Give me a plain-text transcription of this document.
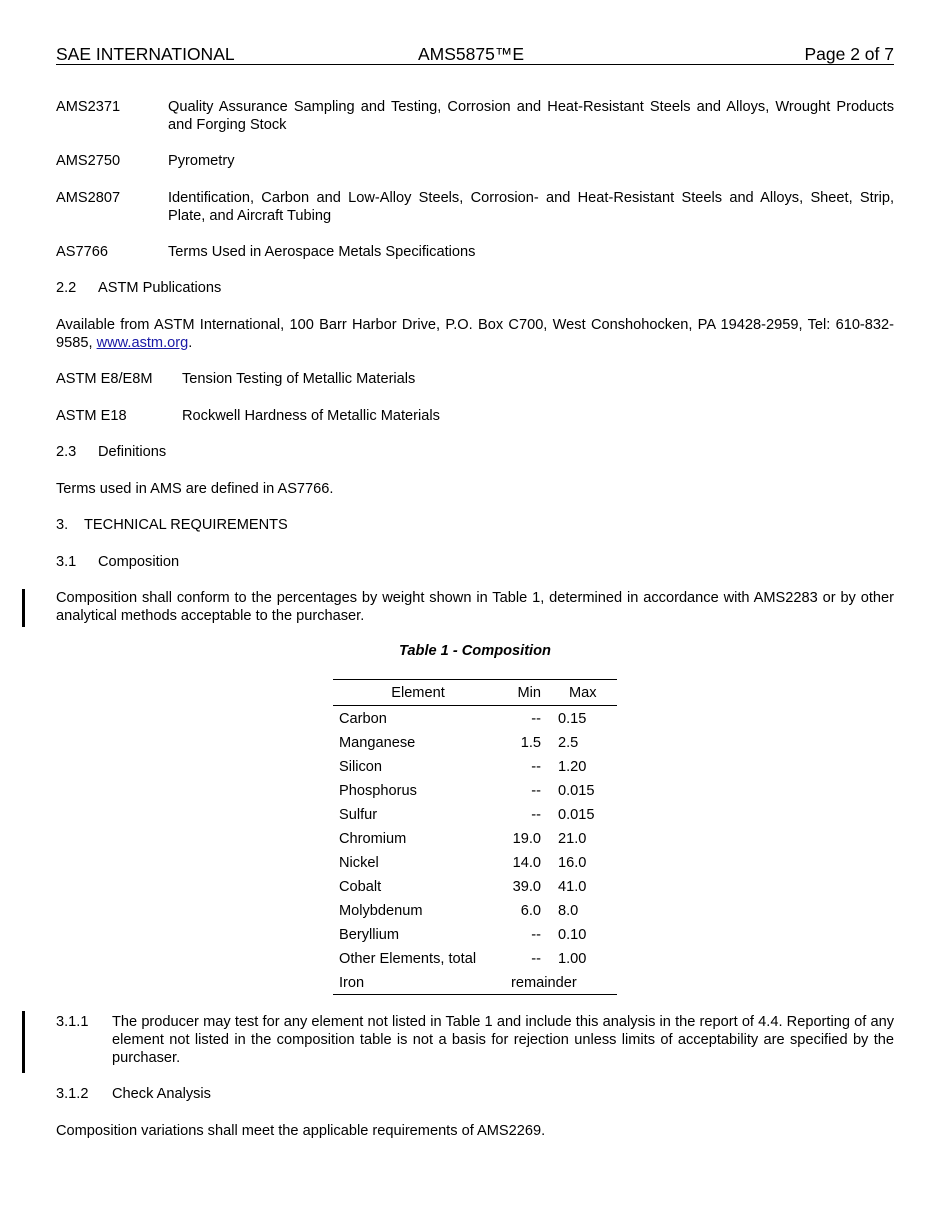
SAE INTERNATIONAL	AMS5875™E	Page 2 of 7
AMS2371	Quality Assurance Sampling and Testing, Corrosion and Heat-Resistant Steels and Alloys, Wrought Products and Forging Stock
AMS2750	Pyrometry
AMS2807	Identification, Carbon and Low-Alloy Steels, Corrosion- and Heat-Resistant Steels and Alloys, Sheet, Strip, Plate, and Aircraft Tubing
AS7766	Terms Used in Aerospace Metals Specifications
2.2 ASTM Publications
Available from ASTM International, 100 Barr Harbor Drive, P.O. Box C700, West Conshohocken, PA 19428-2959, Tel: 610-832-9585, www.astm.org.
ASTM E8/E8M Tension Testing of Metallic Materials
ASTM E18	Rockwell Hardness of Metallic Materials
2.3 Definitions
Terms used in AMS are defined in AS7766.
3. TECHNICAL REQUIREMENTS
3.1 Composition
Composition shall conform to the percentages by weight shown in Table 1, determined in accordance with AMS2283 or by other analytical methods acceptable to the purchaser.
Table 1 - Composition
Element	Min Max
Carbon	-- 0.15
Manganese	1.5 2.5
Silicon	-- 1.20
Phosphorus	-- 0.015
Sulfur	-- 0.015
Chromium	19.0 21.0
Nickel	14.0 16.0
Cobalt	39.0 41.0
Molybdenum	6.0 8.0
Beryllium	-- 0.10
Other Elements, total	-- 1.00
Iron	remainder
3.1.1 The producer may test for any element not listed in Table 1 and include this analysis in the report of 4.4. Reporting of any element not listed in the composition table is not a basis for rejection unless limits of acceptability are specified by the purchaser.
3.1.2 Check Analysis
Composition variations shall meet the applicable requirements of AMS2269.
